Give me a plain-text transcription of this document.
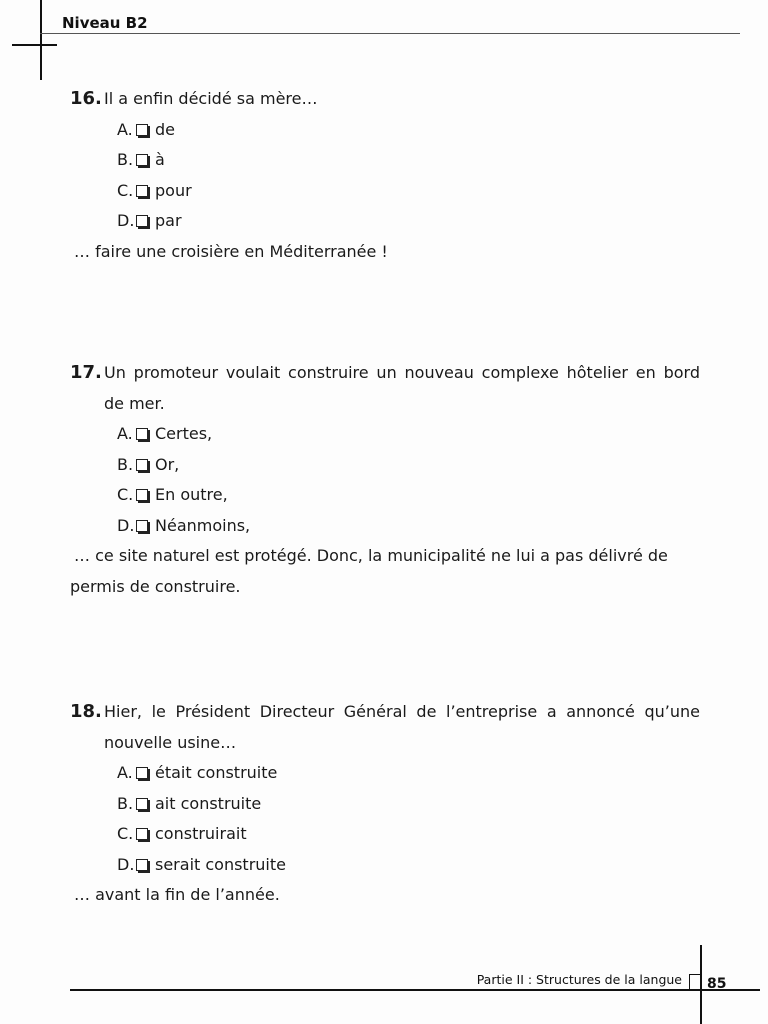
Niveau B2
16. Il a enfin décidé sa mère…
A. de
B. à
C. pour
D. par
… faire une croisière en Méditerranée !
17. Un promoteur voulait construire un nouveau complexe hôtelier en bord de mer.
A. Certes,
B. Or,
C. En outre,
D. Néanmoins,
… ce site naturel est protégé. Donc, la municipalité ne lui a pas délivré de
permis de construire.
18. Hier, le Président Directeur Général de l’entreprise a annoncé qu’une nouvelle usine…
A. était construite
B. ait construite
C. construirait
D. serait construite
… avant la fin de l’année.
Partie II : Structures de la langue 85
